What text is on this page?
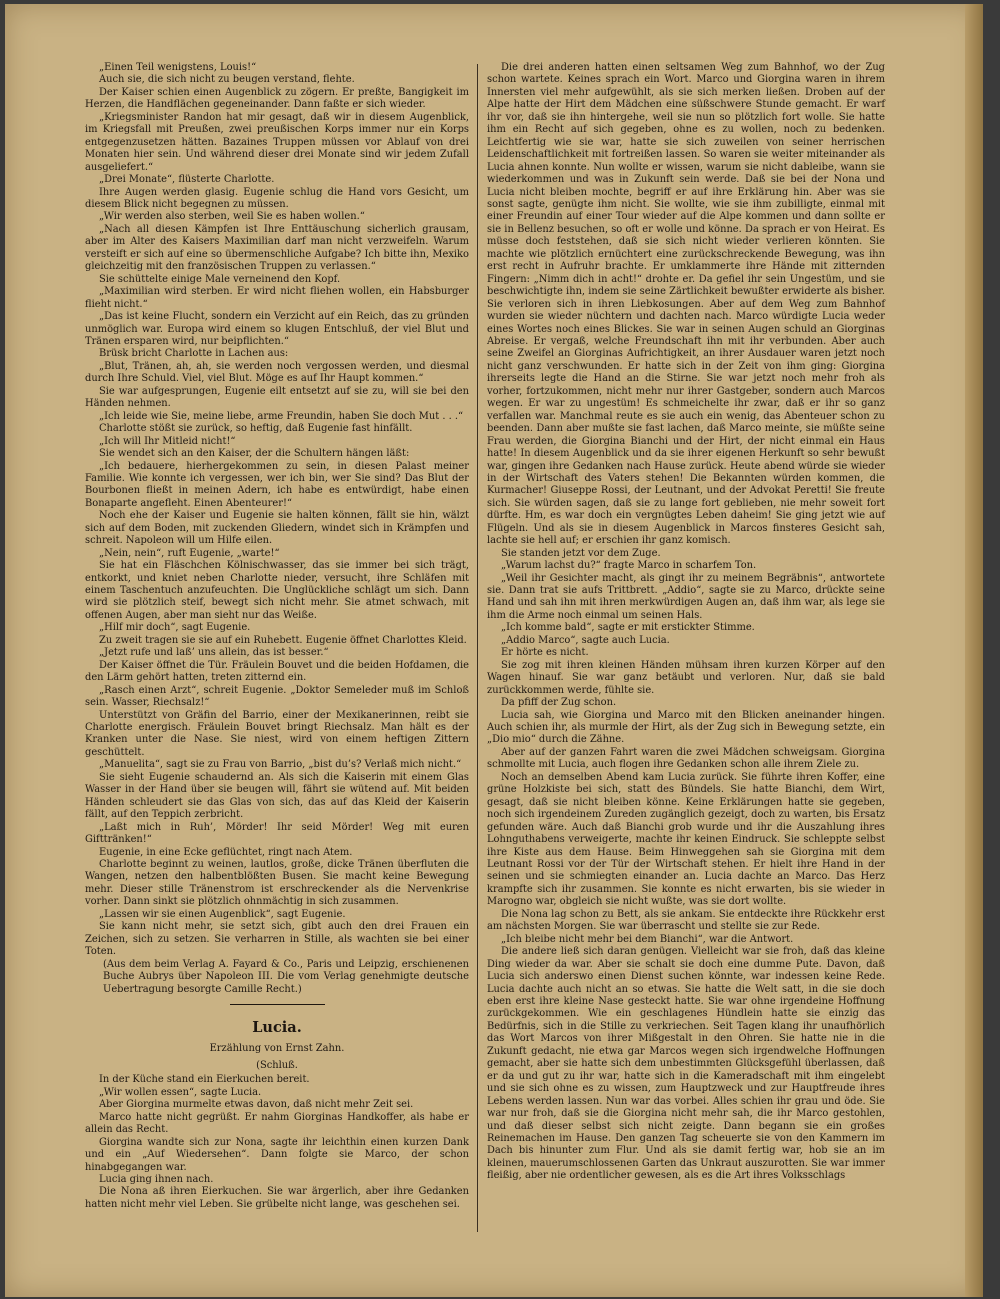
„Einen Teil wenigstens, Louis!“

Auch sie, die sich nicht zu beugen verstand, flehte.

Der Kaiser schien einen Augenblick zu zögern. Er preßte, Bangigkeit im Herzen, die Handflächen gegeneinander. Dann faßte er sich wieder.

„Kriegsminister Randon hat mir gesagt, daß wir in diesem Augenblick, im Kriegsfall mit Preußen, zwei preußischen Korps immer nur ein Korps entgegenzusetzen hätten. Bazaines Truppen müssen vor Ablauf von drei Monaten hier sein. Und während dieser drei Monate sind wir jedem Zufall ausgeliefert.“

„Drei Monate“, flüsterte Charlotte.

Ihre Augen werden glasig. Eugenie schlug die Hand vors Gesicht, um diesem Blick nicht begegnen zu müssen.

„Wir werden also sterben, weil Sie es haben wollen.“

„Nach all diesen Kämpfen ist Ihre Enttäuschung sicherlich grausam, aber im Alter des Kaisers Maximilian darf man nicht verzweifeln. Warum versteift er sich auf eine so übermenschliche Aufgabe? Ich bitte ihn, Mexiko gleichzeitig mit den französischen Truppen zu verlassen.“

Sie schüttelte einige Male verneinend den Kopf.

„Maximilian wird sterben. Er wird nicht fliehen wollen, ein Habsburger flieht nicht.“

„Das ist keine Flucht, sondern ein Verzicht auf ein Reich, das zu gründen unmöglich war. Europa wird einem so klugen Entschluß, der viel Blut und Tränen ersparen wird, nur beipflichten.“

Brüsk bricht Charlotte in Lachen aus:

„Blut, Tränen, ah, ah, sie werden noch vergossen werden, und diesmal durch Ihre Schuld. Viel, viel Blut. Möge es auf Ihr Haupt kommen.“

Sie war aufgesprungen, Eugenie eilt entsetzt auf sie zu, will sie bei den Händen nehmen.

„Ich leide wie Sie, meine liebe, arme Freundin, haben Sie doch Mut . . .“

Charlotte stößt sie zurück, so heftig, daß Eugenie fast hinfällt.

„Ich will Ihr Mitleid nicht!“

Sie wendet sich an den Kaiser, der die Schultern hängen läßt:

„Ich bedauere, hierhergekommen zu sein, in diesen Palast meiner Familie. Wie konnte ich vergessen, wer ich bin, wer Sie sind? Das Blut der Bourbonen fließt in meinen Adern, ich habe es entwürdigt, habe einen Bonaparte angefleht. Einen Abenteurer!“

Noch ehe der Kaiser und Eugenie sie halten können, fällt sie hin, wälzt sich auf dem Boden, mit zuckenden Gliedern, windet sich in Krämpfen und schreit. Napoleon will um Hilfe eilen.

„Nein, nein“, ruft Eugenie, „warte!“

Sie hat ein Fläschchen Kölnischwasser, das sie immer bei sich trägt, entkorkt, und kniet neben Charlotte nieder, versucht, ihre Schläfen mit einem Taschentuch anzufeuchten. Die Unglückliche schlägt um sich. Dann wird sie plötzlich steif, bewegt sich nicht mehr. Sie atmet schwach, mit offenen Augen, aber man sieht nur das Weiße.

„Hilf mir doch“, sagt Eugenie.

Zu zweit tragen sie sie auf ein Ruhebett. Eugenie öffnet Charlottes Kleid.

„Jetzt rufe und laß’ uns allein, das ist besser.“

Der Kaiser öffnet die Tür. Fräulein Bouvet und die beiden Hofdamen, die den Lärm gehört hatten, treten zitternd ein.

„Rasch einen Arzt“, schreit Eugenie. „Doktor Semeleder muß im Schloß sein. Wasser, Riechsalz!“

Unterstützt von Gräfin del Barrio, einer der Mexikanerinnen, reibt sie Charlotte energisch. Fräulein Bouvet bringt Riechsalz. Man hält es der Kranken unter die Nase. Sie niest, wird von einem heftigen Zittern geschüttelt.

„Manuelita“, sagt sie zu Frau von Barrio, „bist du’s? Verlaß mich nicht.“

Sie sieht Eugenie schaudernd an. Als sich die Kaiserin mit einem Glas Wasser in der Hand über sie beugen will, fährt sie wütend auf. Mit beiden Händen schleudert sie das Glas von sich, das auf das Kleid der Kaiserin fällt, auf den Teppich zerbricht.

„Laßt mich in Ruh’, Mörder! Ihr seid Mörder! Weg mit euren Gifttränken!“

Eugenie, in eine Ecke geflüchtet, ringt nach Atem.

Charlotte beginnt zu weinen, lautlos, große, dicke Tränen überfluten die Wangen, netzen den halbentblößten Busen. Sie macht keine Bewegung mehr. Dieser stille Tränenstrom ist erschreckender als die Nervenkrise vorher. Dann sinkt sie plötzlich ohnmächtig in sich zusammen.

„Lassen wir sie einen Augenblick“, sagt Eugenie.

Sie kann nicht mehr, sie setzt sich, gibt auch den drei Frauen ein Zeichen, sich zu setzen. Sie verharren in Stille, als wachten sie bei einer Toten.

(Aus dem beim Verlag A. Fayard & Co., Paris und Leipzig, erschienenen Buche Aubrys über Napoleon III. Die vom Verlag genehmigte deutsche Uebertragung besorgte Camille Recht.)

Lucia.
Erzählung von Ernst Zahn.
(Schluß.

In der Küche stand ein Eierkuchen bereit.

„Wir wollen essen“, sagte Lucia.

Aber Giorgina murmelte etwas davon, daß nicht mehr Zeit sei.

Marco hatte nicht gegrüßt. Er nahm Giorginas Handkoffer, als habe er allein das Recht.

Giorgina wandte sich zur Nona, sagte ihr leichthin einen kurzen Dank und ein „Auf Wiedersehen“. Dann folgte sie Marco, der schon hinabgegangen war.

Lucia ging ihnen nach.

Die Nona aß ihren Eierkuchen. Sie war ärgerlich, aber ihre Gedanken hatten nicht mehr viel Leben. Sie grübelte nicht lange, was geschehen sei.

Die drei anderen hatten einen seltsamen Weg zum Bahnhof, wo der Zug schon wartete. Keines sprach ein Wort. Marco und Giorgina waren in ihrem Innersten viel mehr aufgewühlt, als sie sich merken ließen. Droben auf der Alpe hatte der Hirt dem Mädchen eine süßschwere Stunde gemacht. Er warf ihr vor, daß sie ihn hintergehe, weil sie nun so plötzlich fort wolle. Sie hatte ihm ein Recht auf sich gegeben, ohne es zu wollen, noch zu bedenken. Leichtfertig wie sie war, hatte sie sich zuweilen von seiner herrischen Leidenschaftlichkeit mit fortreißen lassen. So waren sie weiter miteinander als Lucia ahnen konnte. Nun wollte er wissen, warum sie nicht dableibe, wann sie wiederkommen und was in Zukunft sein werde. Daß sie bei der Nona und Lucia nicht bleiben mochte, begriff er auf ihre Erklärung hin. Aber was sie sonst sagte, genügte ihm nicht. Sie wollte, wie sie ihm zubilligte, einmal mit einer Freundin auf einer Tour wieder auf die Alpe kommen und dann sollte er sie in Bellenz besuchen, so oft er wolle und könne. Da sprach er von Heirat. Es müsse doch feststehen, daß sie sich nicht wieder verlieren könnten. Sie machte wie plötzlich ernüchtert eine zurückschreckende Bewegung, was ihn erst recht in Aufruhr brachte. Er umklammerte ihre Hände mit zitternden Fingern: „Nimm dich in acht!“ drohte er. Da gefiel ihr sein Ungestüm, und sie beschwichtigte ihn, indem sie seine Zärtlichkeit bewußter erwiderte als bisher. Sie verloren sich in ihren Liebkosungen. Aber auf dem Weg zum Bahnhof wurden sie wieder nüchtern und dachten nach. Marco würdigte Lucia weder eines Wortes noch eines Blickes. Sie war in seinen Augen schuld an Giorginas Abreise. Er vergaß, welche Freundschaft ihn mit ihr verbunden. Aber auch seine Zweifel an Giorginas Aufrichtigkeit, an ihrer Ausdauer waren jetzt noch nicht ganz verschwunden. Er hatte sich in der Zeit von ihm ging: Giorgina ihrerseits legte die Hand an die Stirne. Sie war jetzt noch mehr froh als vorher, fortzukommen, nicht mehr nur ihrer Gastgeber, sondern auch Marcos wegen. Er war zu ungestüm! Es schmeichelte ihr zwar, daß er ihr so ganz verfallen war. Manchmal reute es sie auch ein wenig, das Abenteuer schon zu beenden. Dann aber mußte sie fast lachen, daß Marco meinte, sie müßte seine Frau werden, die Giorgina Bianchi und der Hirt, der nicht einmal ein Haus hatte! In diesem Augenblick und da sie ihrer eigenen Herkunft so sehr bewußt war, gingen ihre Gedanken nach Hause zurück. Heute abend würde sie wieder in der Wirtschaft des Vaters stehen! Die Bekannten würden kommen, die Kurmacher! Giuseppe Rossi, der Leutnant, und der Advokat Peretti! Sie freute sich. Sie würden sagen, daß sie zu lange fort geblieben, nie mehr soweit fort dürfte. Hm, es war doch ein vergnügtes Leben daheim! Sie ging jetzt wie auf Flügeln. Und als sie in diesem Augenblick in Marcos finsteres Gesicht sah, lachte sie hell auf; er erschien ihr ganz komisch.

Sie standen jetzt vor dem Zuge.

„Warum lachst du?“ fragte Marco in scharfem Ton.

„Weil ihr Gesichter macht, als gingt ihr zu meinem Begräbnis“, antwortete sie. Dann trat sie aufs Trittbrett. „Addio“, sagte sie zu Marco, drückte seine Hand und sah ihn mit ihren merkwürdigen Augen an, daß ihm war, als lege sie ihm die Arme noch einmal um seinen Hals.

„Ich komme bald“, sagte er mit erstickter Stimme.

„Addio Marco“, sagte auch Lucia.

Er hörte es nicht.

Sie zog mit ihren kleinen Händen mühsam ihren kurzen Körper auf den Wagen hinauf. Sie war ganz betäubt und verloren. Nur, daß sie bald zurückkommen werde, fühlte sie.

Da pfiff der Zug schon.

Lucia sah, wie Giorgina und Marco mit den Blicken aneinander hingen. Auch schien ihr, als murmle der Hirt, als der Zug sich in Bewegung setzte, ein „Dio mio“ durch die Zähne.

Aber auf der ganzen Fahrt waren die zwei Mädchen schweigsam. Giorgina schmollte mit Lucia, auch flogen ihre Gedanken schon alle ihrem Ziele zu.

Noch an demselben Abend kam Lucia zurück. Sie führte ihren Koffer, eine grüne Holzkiste bei sich, statt des Bündels. Sie hatte Bianchi, dem Wirt, gesagt, daß sie nicht bleiben könne. Keine Erklärungen hatte sie gegeben, noch sich irgendeinem Zureden zugänglich gezeigt, doch zu warten, bis Ersatz gefunden wäre. Auch daß Bianchi grob wurde und ihr die Auszahlung ihres Lohnguthabens verweigerte, machte ihr keinen Eindruck. Sie schleppte selbst ihre Kiste aus dem Hause. Beim Hinweggehen sah sie Giorgina mit dem Leutnant Rossi vor der Tür der Wirtschaft stehen. Er hielt ihre Hand in der seinen und sie schmiegten einander an. Lucia dachte an Marco. Das Herz krampfte sich ihr zusammen. Sie konnte es nicht erwarten, bis sie wieder in Marogno war, obgleich sie nicht wußte, was sie dort wollte.

Die Nona lag schon zu Bett, als sie ankam. Sie entdeckte ihre Rückkehr erst am nächsten Morgen. Sie war überrascht und stellte sie zur Rede.

„Ich bleibe nicht mehr bei dem Bianchi“, war die Antwort.

Die andere ließ sich daran genügen. Vielleicht war sie froh, daß das kleine Ding wieder da war. Aber sie schalt sie doch eine dumme Pute. Davon, daß Lucia sich anderswo einen Dienst suchen könnte, war indessen keine Rede. Lucia dachte auch nicht an so etwas. Sie hatte die Welt satt, in die sie doch eben erst ihre kleine Nase gesteckt hatte. Sie war ohne irgendeine Hoffnung zurückgekommen. Wie ein geschlagenes Hündlein hatte sie einzig das Bedürfnis, sich in die Stille zu verkriechen. Seit Tagen klang ihr unaufhörlich das Wort Marcos von ihrer Mißgestalt in den Ohren. Sie hatte nie in die Zukunft gedacht, nie etwa gar Marcos wegen sich irgendwelche Hoffnungen gemacht, aber sie hatte sich dem unbestimmten Glücksgefühl überlassen, daß er da und gut zu ihr war, hatte sich in die Kameradschaft mit ihm eingelebt und sie sich ohne es zu wissen, zum Hauptzweck und zur Hauptfreude ihres Lebens werden lassen. Nun war das vorbei. Alles schien ihr grau und öde. Sie war nur froh, daß sie die Giorgina nicht mehr sah, die ihr Marco gestohlen, und daß dieser selbst sich nicht zeigte. Dann begann sie ein großes Reinemachen im Hause. Den ganzen Tag scheuerte sie von den Kammern im Dach bis hinunter zum Flur. Und als sie damit fertig war, hob sie an im kleinen, mauerumschlossenen Garten das Unkraut auszurotten. Sie war immer fleißig, aber nie ordentlicher gewesen, als es die Art ihres Volksschlags
